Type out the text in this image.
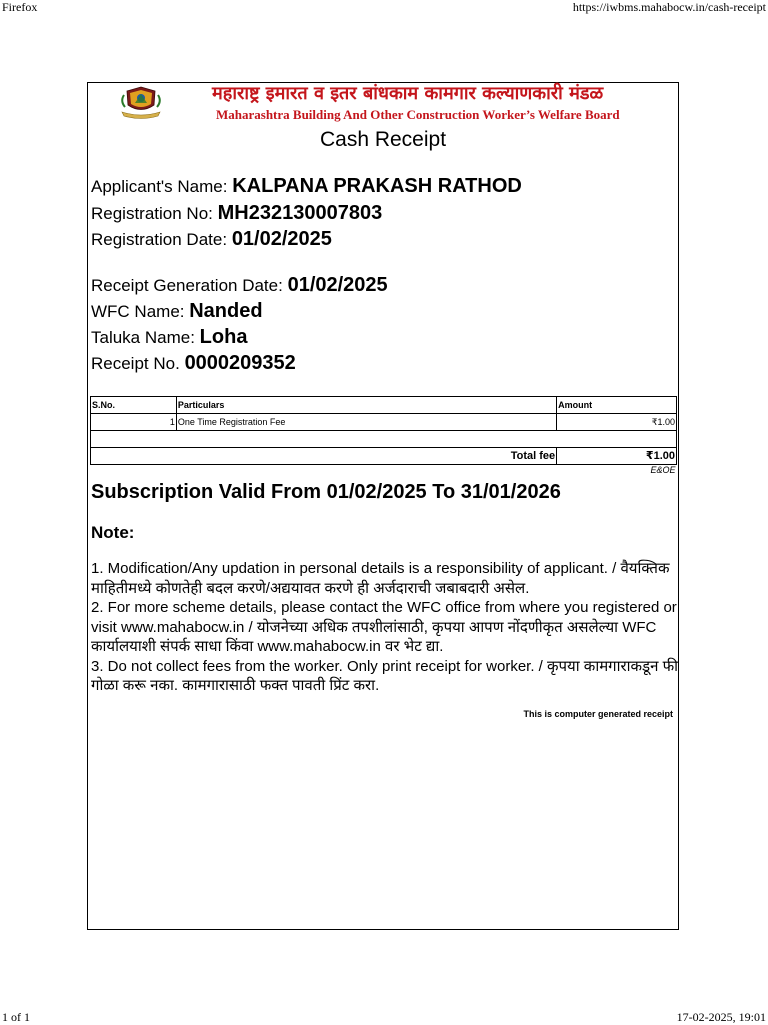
Firefox	https://iwbms.mahabocw.in/cash-receipt
महाराष्ट्र इमारत व इतर बांधकाम कामगार कल्याणकारी मंडळ
Maharashtra Building And Other Construction Worker’s Welfare Board
Cash Receipt
Applicant's Name: KALPANA PRAKASH RATHOD
Registration No: MH232130007803
Registration Date: 01/02/2025
Receipt Generation Date: 01/02/2025
WFC Name: Nanded
Taluka Name: Loha
Receipt No. 0000209352
S.No.	Particulars	Amount
1	One Time Registration Fee	₹1.00

Total fee		₹1.00
E&OE		
Subscription Valid From 01/02/2025 To 31/01/2026
Note:

1. Modification/Any updation in personal details is a responsibility of applicant. / वैयक्तिक माहितीमध्ये कोणतेही बदल करणे/अद्ययावत करणे ही अर्जदाराची जबाबदारी असेल.

2. For more scheme details, please contact the WFC office from where you registered or visit www.mahabocw.in / योजनेच्या अधिक तपशीलांसाठी, कृपया आपण नोंदणीकृत असलेल्या WFC कार्यालयाशी संपर्क साधा किंवा www.mahabocw.in वर भेट द्या.

3. Do not collect fees from the worker. Only print receipt for worker. / कृपया कामगाराकडून फी गोळा करू नका. कामगारासाठी फक्त पावती प्रिंट करा.

This is computer generated receipt
1 of 1	17-02-2025, 19:01
